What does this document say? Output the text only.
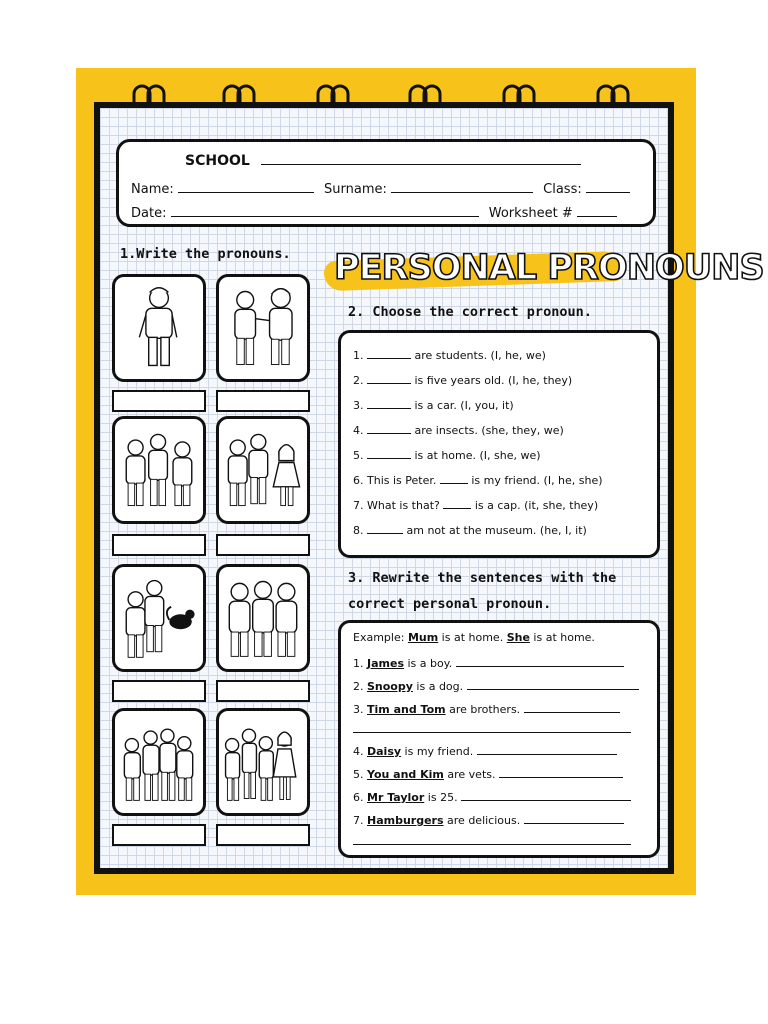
SCHOOL
Name:	Surname:	Class:
Date:	Worksheet #
PERSONAL PRONOUNS
1.Write the pronouns.
2. Choose the correct pronoun.
1.	are students. (I, he, we)
2.	is five years old. (I, he, they)
3.	is a car. (I, you, it)
4.	are insects. (she, they, we)
5.	is at home. (I, she, we)
6. This is Peter.	is my friend. (I, he, she)
7. What is that?	is a cap. (it, she, they)
8.	am not at the museum. (he, I, it)
3. Rewrite the sentences with the
correct personal pronoun.
Example: Mum is at home. She is at home.
1. James is a boy.
2. Snoopy is a dog.
3. Tim and Tom are brothers.
4. Daisy is my friend.
5. You and Kim are vets.
6. Mr Taylor is 25.
7. Hamburgers are delicious.
